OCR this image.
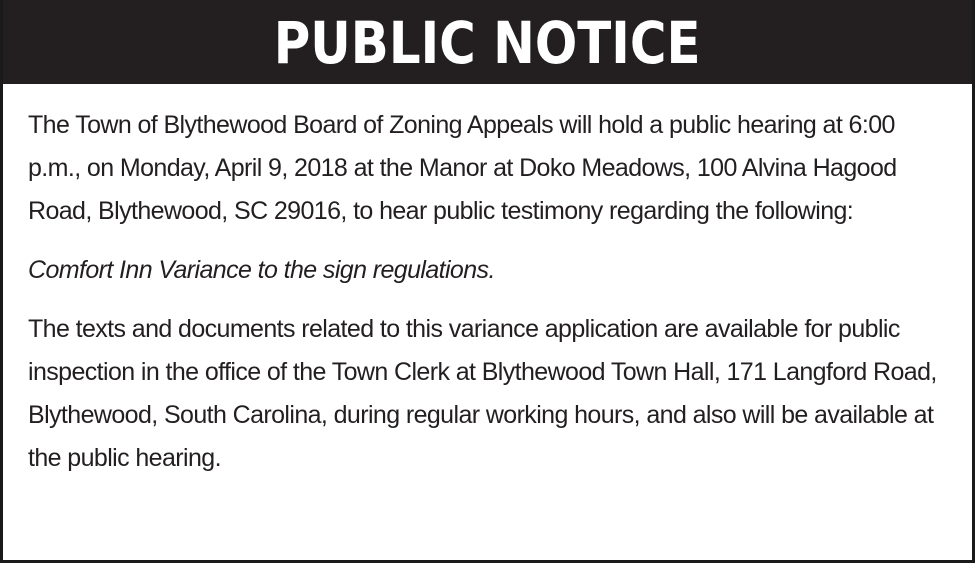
PUBLIC NOTICE

The Town of Blythewood Board of Zoning Appeals will hold a public hearing at 6:00 p.m., on Monday, April 9, 2018 at the Manor at Doko Meadows, 100 Alvina Hagood Road, Blythewood, SC 29016, to hear public testimony regarding the following:

Comfort Inn Variance to the sign regulations.

The texts and documents related to this variance application are available for public inspection in the office of the Town Clerk at Blythewood Town Hall, 171 Langford Road, Blythewood, South Carolina, during regular working hours, and also will be available at the public hearing.
